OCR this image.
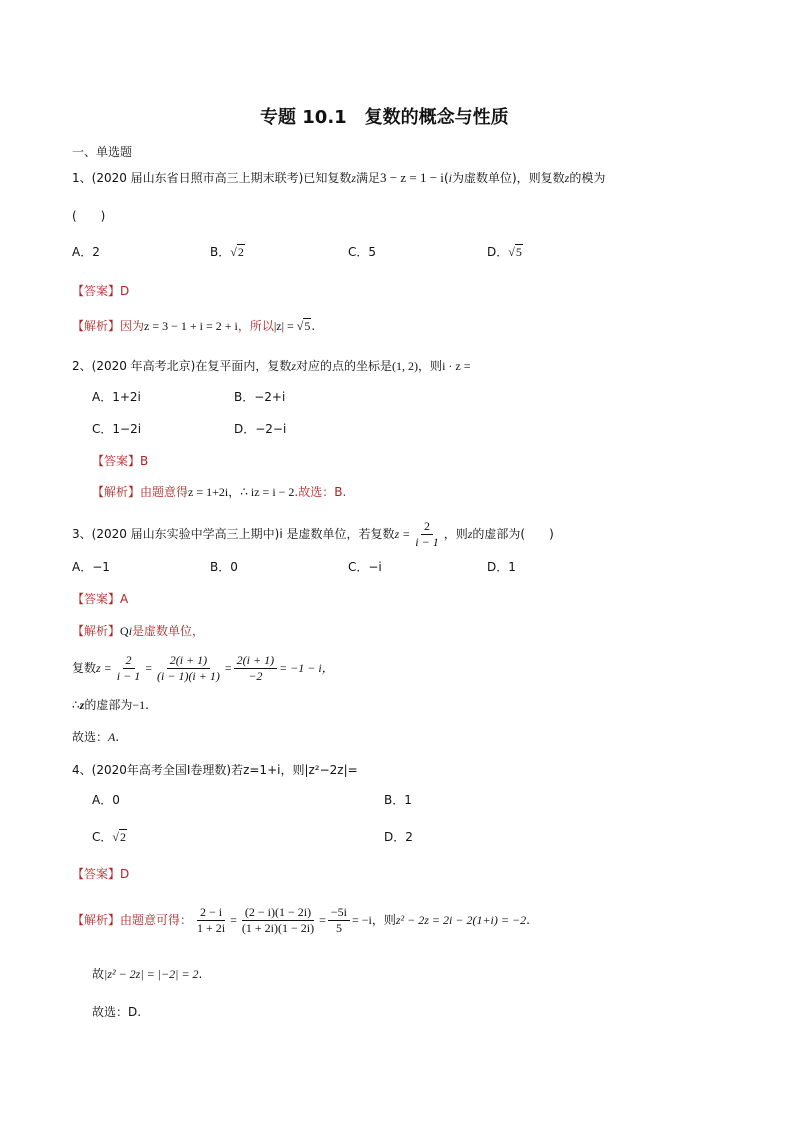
专题 10.1　复数的概念与性质
一、单选题
1、(2020 届山东省日照市高三上期末联考)已知复数z满足3 − z = 1 − i(i为虚数单位)，则复数z的模为
(　　)
A．2	B．√2	C．5	D．√5
【答案】D
【解析】因为z = 3 − 1 + i = 2 + i，所以|z| = √5.
2、(2020 年高考北京)在复平面内，复数z对应的点的坐标是(1, 2)，则i · z =
A．1+2i	B．−2+i
C．1−2i	D．−2−i
【答案】B
【解析】由题意得z = 1+2i，∴ iz = i − 2.故选：B.
3、(2020 届山东实验中学高三上期中)i 是虚数单位，若复数 $z = \frac{2}{i - 1}$ ，则 z 的虚部为(　　)
A．−1	B．0	C．−i	D．1
【答案】A
【解析】Qi是虚数单位，
复数 $z = \frac{2}{i - 1} = \frac{2(i + 1)}{(i - 1)(i + 1)} = \frac{2(i + 1)}{-2} = -1 - i$，
∴z的虚部为−1.
故选：A.
4、(2020年高考全国Ⅰ卷理数)若z=1+i，则|z²−2z|=
A．0	B．1
C．√2	D．2
【答案】D
【解析】 由题意可得： $\frac{2 - i}{1 + 2i} = \frac{(2 - i)(1 - 2i)}{(1 + 2i)(1 - 2i)} = \frac{-5i}{5} = -i$ ，则 z² − 2z = 2i − 2(1+i) = −2 .
故|z² − 2z| = |−2| = 2.
故选：D.
